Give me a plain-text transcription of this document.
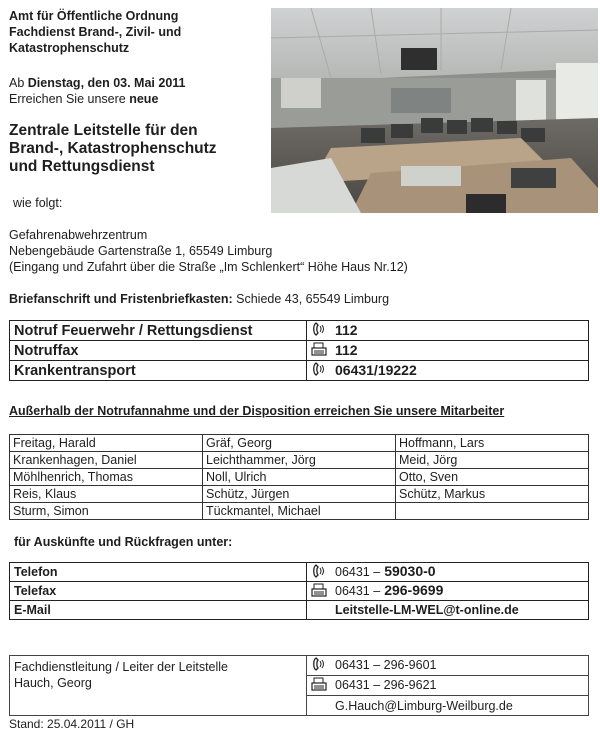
Amt für Öffentliche Ordnung
Fachdienst Brand-, Zivil- und
Katastrophenschutz
Ab Dienstag, den 03. Mai 2011
Erreichen Sie unsere neue
Zentrale Leitstelle für den
Brand-, Katastrophenschutz
und Rettungsdienst
wie folgt:
Gefahrenabwehrzentrum
Nebengebäude Gartenstraße 1, 65549 Limburg
(Eingang und Zufahrt über die Straße „Im Schlenkert“ Höhe Haus Nr.12)
Briefanschrift und Fristenbriefkasten: Schiede 43, 65549 Limburg
Notruf Feuerwehr / Rettungsdienst	112
Notruffax	112
Krankentransport	06431/19222
Außerhalb der Notrufannahme und der Disposition erreichen Sie unsere Mitarbeiter
Freitag, Harald	Gräf, Georg	Hoffmann, Lars
Krankenhagen, Daniel	Leichthammer, Jörg	Meid, Jörg
Möhlhenrich, Thomas	Noll, Ulrich	Otto, Sven
Reis, Klaus	Schütz, Jürgen	Schütz, Markus
Sturm, Simon	Tückmantel, Michael	
für Auskünfte und Rückfragen unter:
Telefon	06431 – 59030-0
Telefax	06431 – 296-9699
E-Mail	Leitstelle-LM-WEL@t-online.de
Fachdienstleitung / Leiter der Leitstelle
Hauch, Georg
	06431 – 296-9601
06431 – 296-9621
G.Hauch@Limburg-Weilburg.de
Stand: 25.04.2011 / GH
